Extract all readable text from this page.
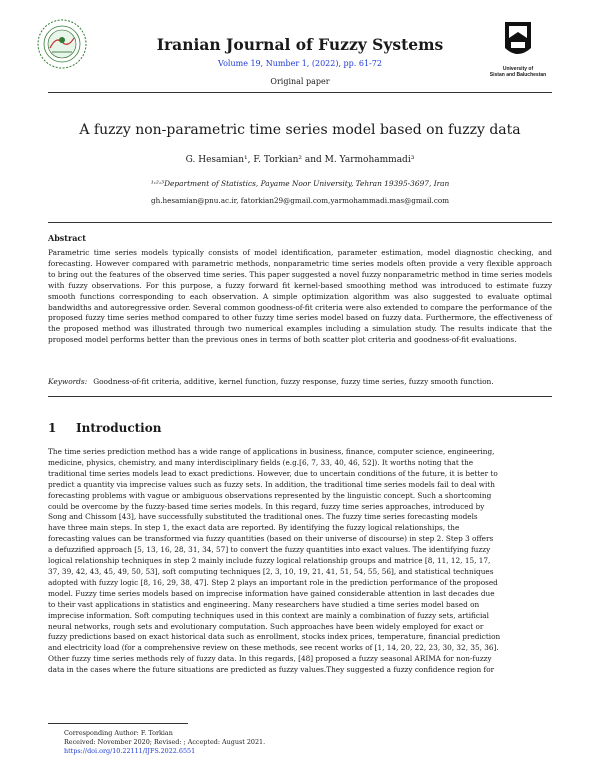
University of
Sistan and Baluchestan
Iranian Journal of Fuzzy Systems
Volume 19, Number 1, (2022), pp. 61-72
Original paper
A fuzzy non-parametric time series model based on fuzzy data
G. Hesamian¹, F. Torkian² and M. Yarmohammadi³
¹˒²˒³Department of Statistics, Payame Noor University, Tehran 19395-3697, Iran
gh.hesamian@pnu.ac.ir, fatorkian29@gmail.com,yarmohammadi.mas@gmail.com
Abstract
Parametric time series models typically consists of model identification, parameter estimation, model diagnostic checking, and forecasting. However compared with parametric methods, nonparametric time series models often provide a very flexible approach to bring out the features of the observed time series. This paper suggested a novel fuzzy nonparametric method in time series models with fuzzy observations. For this purpose, a fuzzy forward fit kernel-based smoothing method was introduced to estimate fuzzy smooth functions corresponding to each observation. A simple optimization algorithm was also suggested to evaluate optimal bandwidths and autoregressive order. Several common goodness-of-fit criteria were also extended to compare the performance of the proposed fuzzy time series method compared to other fuzzy time series model based on fuzzy data. Furthermore, the effectiveness of the proposed method was illustrated through two numerical examples including a simulation study. The results indicate that the proposed model performs better than the previous ones in terms of both scatter plot criteria and goodness-of-fit evaluations.
Keywords: Goodness-of-fit criteria, additive, kernel function, fuzzy response, fuzzy time series, fuzzy smooth function.
1 Introduction
The time series prediction method has a wide range of applications in business, finance, computer science, engineering,
medicine, physics, chemistry, and many interdisciplinary fields (e.g.[6, 7, 33, 40, 46, 52]). It worths noting that the
traditional time series models lead to exact predictions. However, due to uncertain conditions of the future, it is better to
predict a quantity via imprecise values such as fuzzy sets. In addition, the traditional time series models fail to deal with
forecasting problems with vague or ambiguous observations represented by the linguistic concept. Such a shortcoming
could be overcome by the fuzzy-based time series models. In this regard, fuzzy time series approaches, introduced by
Song and Chissom [43], have successfully substituted the traditional ones. The fuzzy time series forecasting models
have three main steps. In step 1, the exact data are reported. By identifying the fuzzy logical relationships, the
forecasting values can be transformed via fuzzy quantities (based on their universe of discourse) in step 2. Step 3 offers
a defuzzified approach [5, 13, 16, 28, 31, 34, 57] to convert the fuzzy quantities into exact values. The identifying fuzzy
logical relationship techniques in step 2 mainly include fuzzy logical relationship groups and matrice [8, 11, 12, 15, 17,
37, 39, 42, 43, 45, 49, 50, 53], soft computing techniques [2, 3, 10, 19, 21, 41, 51, 54, 55, 56], and statistical techniques
adopted with fuzzy logic [8, 16, 29, 38, 47]. Step 2 plays an important role in the prediction performance of the proposed
model. Fuzzy time series models based on imprecise information have gained considerable attention in last decades due
to their vast applications in statistics and engineering. Many researchers have studied a time series model based on
imprecise information. Soft computing techniques used in this context are mainly a combination of fuzzy sets, artificial
neural networks, rough sets and evolutionary computation. Such approaches have been widely employed for exact or
fuzzy predictions based on exact historical data such as enrollment, stocks index prices, temperature, financial prediction
and electricity load (for a comprehensive review on these methods, see recent works of [1, 14, 20, 22, 23, 30, 32, 35, 36].
Other fuzzy time series methods rely of fuzzy data. In this regards, [48] proposed a fuzzy seasonal ARIMA for non-fuzzy
data in the cases where the future situations are predicted as fuzzy values.They suggested a fuzzy confidence region for
Corresponding Author: F. Torkian
Received: November 2020; Revised: ; Accepted: August 2021.
https://doi.org/10.22111/IJFS.2022.6551
